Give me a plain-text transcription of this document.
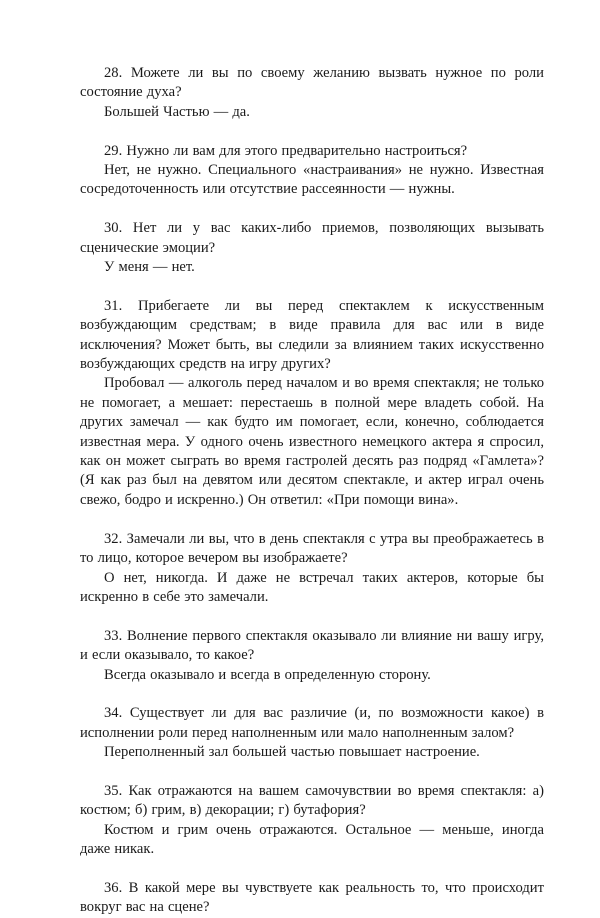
28. Можете ли вы по своему желанию вызвать нужное по роли состояние духа?

Большей Частью — да.

29. Нужно ли вам для этого предварительно настроиться?

Нет, не нужно. Специального «настраивания» не нужно. Известная сосредоточенность или отсутствие рассеянности — нужны.

30. Нет ли у вас каких-либо приемов, позволяющих вызывать сценические эмоции?

У меня — нет.

31. Прибегаете ли вы перед спектаклем к искусственным возбуждающим средствам; в виде правила для вас или в виде исключения? Может быть, вы следили за влиянием таких искусственно возбуждающих средств на игру других?

Пробовал — алкоголь перед началом и во время спектакля; не только не помогает, а мешает: перестаешь в полной мере владеть собой. На других замечал — как будто им помогает, если, конечно, соблюдается известная мера. У одного очень известного немецкого актера я спросил, как он может сыграть во время гастролей десять раз подряд «Гамлета»? (Я как раз был на девятом или десятом спектакле, и актер играл очень свежо, бодро и искренно.) Он ответил: «При помощи вина».

32. Замечали ли вы, что в день спектакля с утра вы преображаетесь в то лицо, которое вечером вы изображаете?

О нет, никогда. И даже не встречал таких актеров, которые бы искренно в себе это замечали.

33. Волнение первого спектакля оказывало ли влияние ни вашу игру, и если оказывало, то какое?

Всегда оказывало и всегда в определенную сторону.

34. Существует ли для вас различие (и, по возможности какое) в исполнении роли перед наполненным или мало наполненным залом?

Переполненный зал большей частью повышает настроение.

35. Как отражаются на вашем самочувствии во время спектакля: а) костюм; б) грим, в) декорации; г) бутафория?

Костюм и грим очень отражаются. Остальное — меньше, иногда даже никак.

36. В какой мере вы чувствуете как реальность то, что происходит вокруг вас на сцене?
